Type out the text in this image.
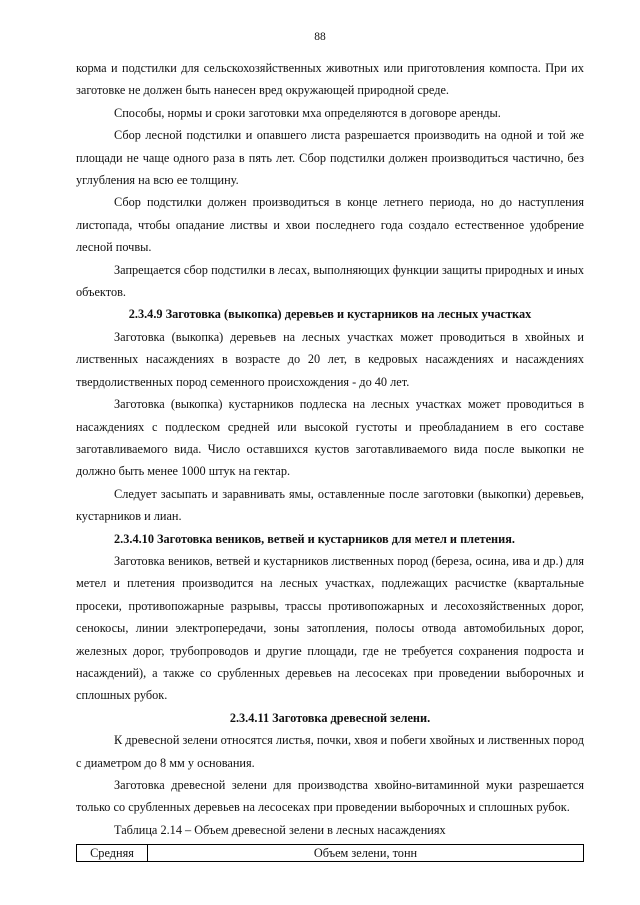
88

корма и подстилки для сельскохозяйственных животных или приготовления компоста. При их заготовке не должен быть нанесен вред окружающей природной среде.

Способы, нормы и сроки заготовки мха определяются в договоре аренды.

Сбор лесной подстилки и опавшего листа разрешается производить на одной и той же площади не чаще одного раза в пять лет. Сбор подстилки должен производиться частично, без углубления на всю ее толщину.

Сбор подстилки должен производиться в конце летнего периода, но до наступления листопада, чтобы опадание листвы и хвои последнего года создало естественное удобрение лесной почвы.

Запрещается сбор подстилки в лесах, выполняющих функции защиты природных и иных объектов.

2.3.4.9 Заготовка (выкопка) деревьев и кустарников на лесных участках

Заготовка (выкопка) деревьев на лесных участках может проводиться в хвойных и лиственных насаждениях в возрасте до 20 лет, в кедровых насаждениях и насаждениях твердолиственных пород семенного происхождения - до 40 лет.

Заготовка (выкопка) кустарников подлеска на лесных участках может проводиться в насаждениях с подлеском средней или высокой густоты и преобладанием в его составе заготавливаемого вида. Число оставшихся кустов заготавливаемого вида после выкопки не должно быть менее 1000 штук на гектар.

Следует засыпать и заравнивать ямы, оставленные после заготовки (выкопки) деревьев, кустарников и лиан.

2.3.4.10 Заготовка веников, ветвей и кустарников для метел и плетения.

Заготовка веников, ветвей и кустарников лиственных пород (береза, осина, ива и др.) для метел и плетения производится на лесных участках, подлежащих расчистке (квартальные просеки, противопожарные разрывы, трассы противопожарных и лесохозяйственных дорог, сенокосы, линии электропередачи, зоны затопления, полосы отвода автомобильных дорог, железных дорог, трубопроводов и другие площади, где не требуется сохранения подроста и насаждений), а также со срубленных деревьев на лесосеках при проведении выборочных и сплошных рубок.

2.3.4.11 Заготовка древесной зелени.

К древесной зелени относятся листья, почки, хвоя и побеги хвойных и лиственных пород с диаметром до 8 мм у основания.

Заготовка древесной зелени для производства хвойно-витаминной муки разрешается только со срубленных деревьев на лесосеках при проведении выборочных и сплошных рубок.

Таблица 2.14 – Объем древесной зелени в лесных насаждениях

Средняя	Объем зелени, тонн
